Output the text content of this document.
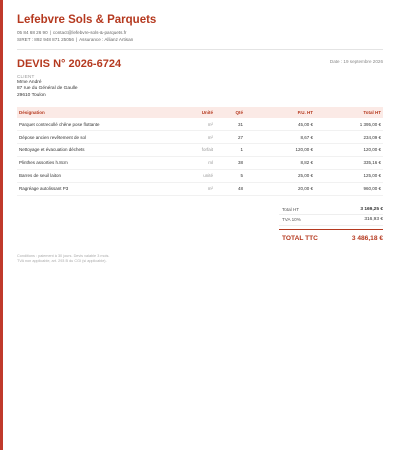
Lefebvre Sols & Parquets
05 84 68 26 90 | contact@lefebvre-sols-&-parquets.fr
SIRET : 892 948 871 25056 | Assurance : Allianz Artisan
DEVIS N° 2026-6724	Date : 19 septembre 2026
CLIENT
Mme André
87 rue du Général de Gaulle
29610 Toulon
Désignation	Unité	Qté	P.U. HT	Total HT
Parquet contrecollé chêne pose flottante	m²	31	45,00 €	1 395,00 €
Dépose ancien revêtement de sol	m²	27	8,67 €	234,09 €
Nettoyage et évacuation déchets	forfait	1	120,00 €	120,00 €
Plinthes assorties h.8cm	ml	38	8,82 €	335,16 €
Barres de seuil laiton	unité	5	25,00 €	125,00 €
Ragréage autolissant P3	m²	48	20,00 €	960,00 €
Total HT	3 169,25 €
TVA 10%	316,93 €
TOTAL TTC	3 486,18 €
Conditions : paiement à 30 jours. Devis valable 3 mois.
TVA non applicable, art. 293 B du CGI (si applicable).
